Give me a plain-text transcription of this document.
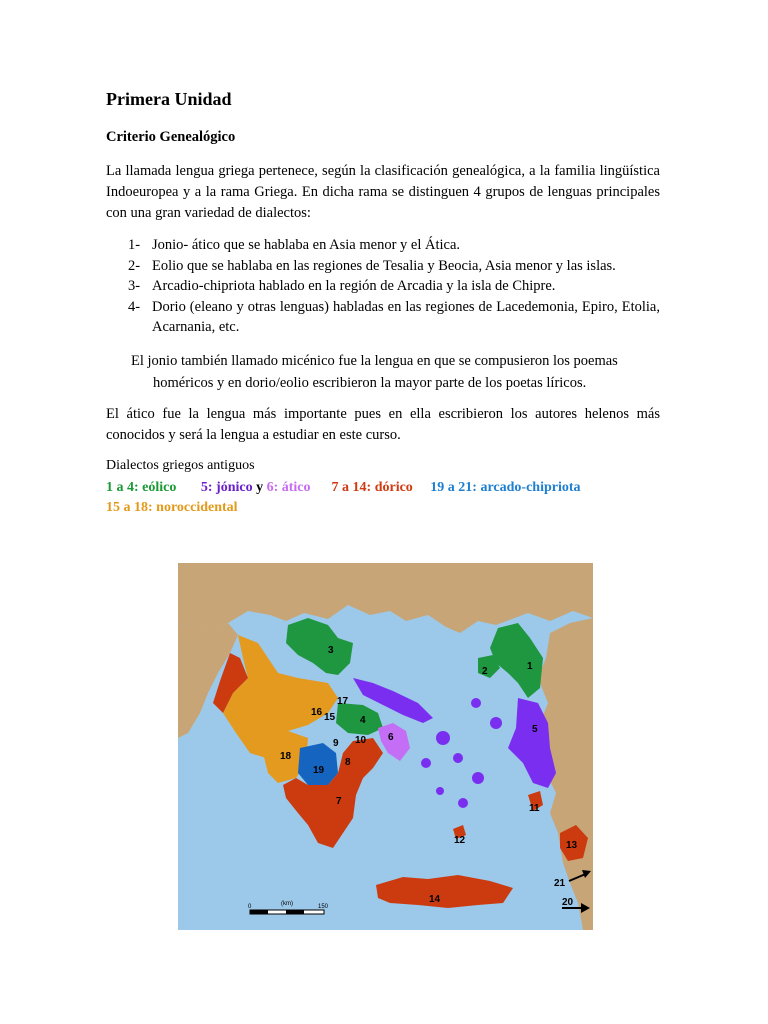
Primera Unidad
Criterio Genealógico

La llamada lengua griega pertenece, según la clasificación genealógica, a la familia lingüística Indoeuropea y a la rama Griega. En dicha rama se distinguen 4 grupos de lenguas principales con una gran variedad de dialectos:

1- Jonio- ático que se hablaba en Asia menor y el Ática.
2- Eolio que se hablaba en las regiones de Tesalia y Beocia, Asia menor y las islas.
3- Arcadio-chipriota hablado en la región de Arcadia y la isla de Chipre.
4- Dorio (eleano y otras lenguas) habladas en las regiones de Lacedemonia, Epiro, Etolia, Acarnania, etc.

El jonio también llamado micénico fue la lengua en que se compusieron los poemas
homéricos y en dorio/eolio escribieron la mayor parte de los poetas líricos.

El ático fue la lengua más importante pues en ella escribieron los autores helenos más conocidos y será la lengua a estudiar en este curso.

Dialectos griegos antiguos

1 a 4: eólico 5: jónico y 6: ático 7 a 14: dórico 19 a 21: arcado-chipriota
15 a 18: noroccidental
1
2
3
4
5
6
7
8
9 10
11
12	13
14
15
16
17
18
19
20
21
0	(km)	150
